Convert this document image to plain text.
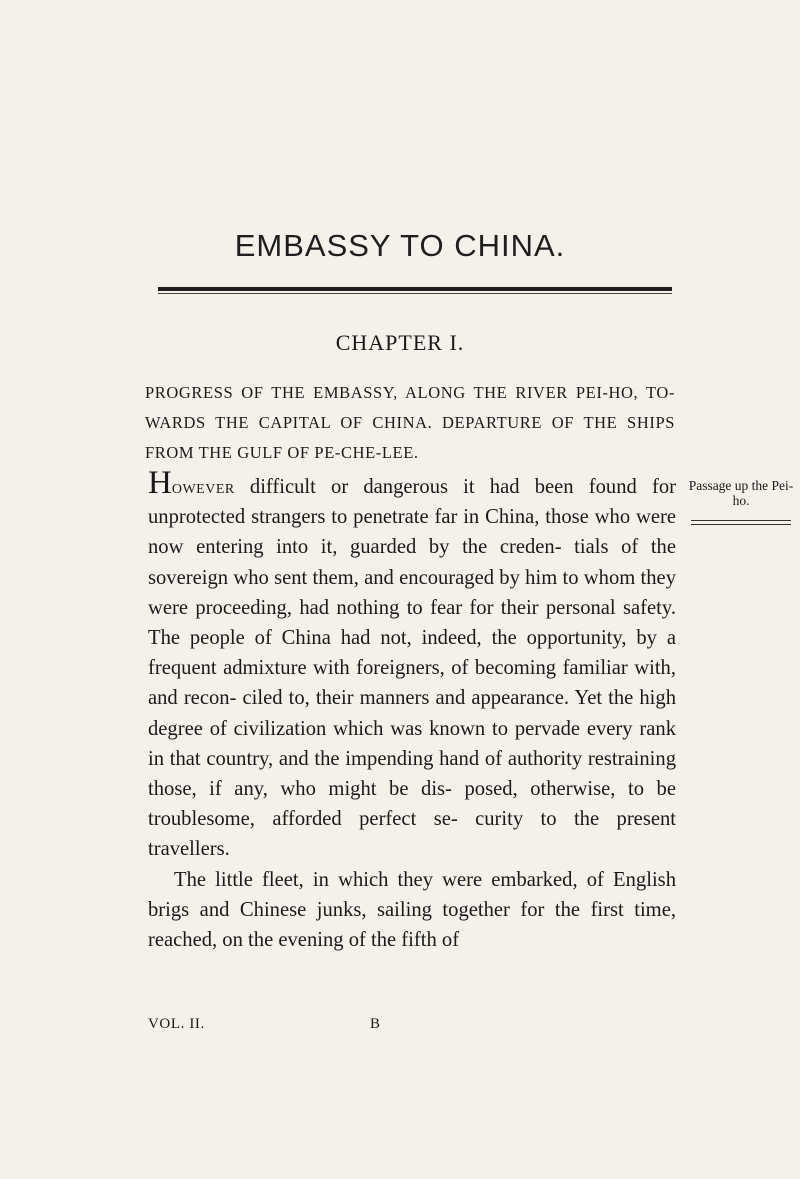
EMBASSY TO CHINA.
CHAPTER I.

PROGRESS OF THE EMBASSY, ALONG THE RIVER PEI-HO, TO- WARDS THE CAPITAL OF CHINA. DEPARTURE OF THE SHIPS FROM THE GULF OF PE-CHE-LEE.

However difficult or dangerous it had been found for unprotected strangers to penetrate far in China, those who were now entering into it, guarded by the creden- tials of the sovereign who sent them, and encouraged by him to whom they were proceeding, had nothing to fear for their personal safety. The people of China had not, indeed, the opportunity, by a frequent admixture with foreigners, of becoming familiar with, and recon- ciled to, their manners and appearance. Yet the high degree of civilization which was known to pervade every rank in that country, and the impending hand of authority restraining those, if any, who might be dis- posed, otherwise, to be troublesome, afforded perfect se- curity to the present travellers.

The little fleet, in which they were embarked, of English brigs and Chinese junks, sailing together for the first time, reached, on the evening of the fifth of

Passage up the Pei-ho.
VOL. II.	B
